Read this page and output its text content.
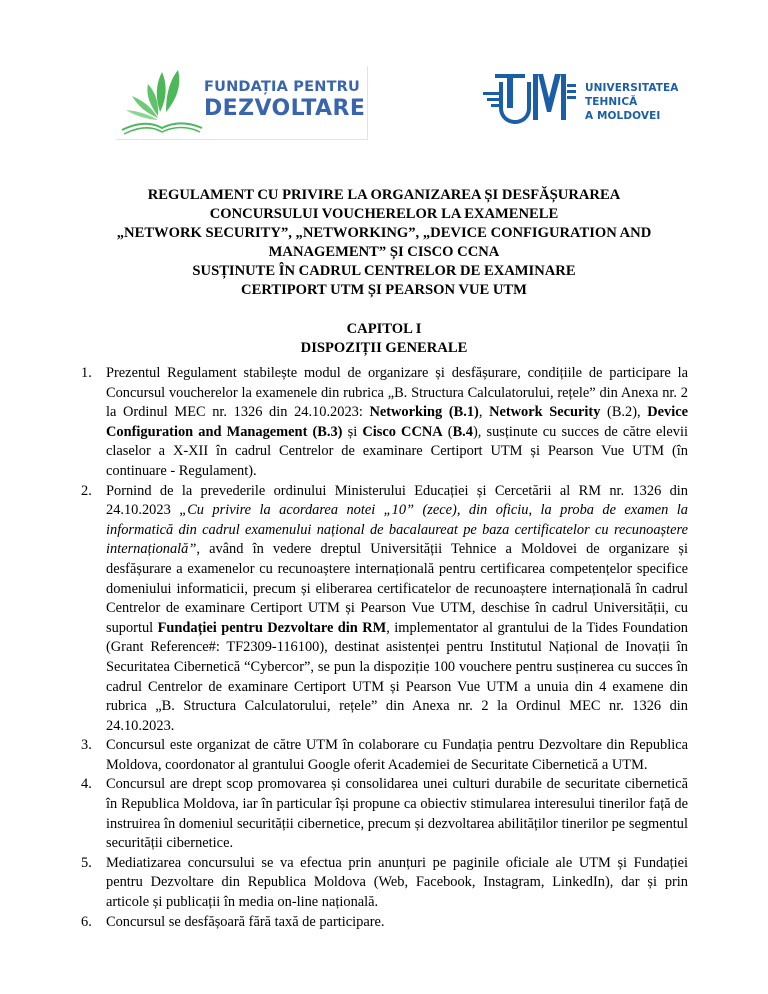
FUNDAȚIA PENTRU
DEZVOLTARE
UNIVERSITATEA TEHNICĂ
A MOLDOVEI
REGULAMENT CU PRIVIRE LA ORGANIZAREA ȘI DESFĂȘURAREA
CONCURSULUI VOUCHERELOR LA EXAMENELE
„NETWORK SECURITY”, „NETWORKING”, „DEVICE CONFIGURATION AND
MANAGEMENT” ȘI CISCO CCNA
SUSȚINUTE ÎN CADRUL CENTRELOR DE EXAMINARE
CERTIPORT UTM ȘI PEARSON VUE UTM
CAPITOL I
DISPOZIȚII GENERALE
1. Prezentul Regulament stabilește modul de organizare și desfășurare, condițiile de participare la Concursul voucherelor la examenele din rubrica „B. Structura Calculatorului, rețele” din Anexa nr. 2 la Ordinul MEC nr. 1326 din 24.10.2023: Networking (B.1), Network Security (B.2), Device Configuration and Management (B.3) și Cisco CCNA (B.4), susținute cu succes de către elevii claselor a X-XII în cadrul Centrelor de examinare Certiport UTM și Pearson Vue UTM (în continuare - Regulament).
2. Pornind de la prevederile ordinului Ministerului Educației și Cercetării al RM nr. 1326 din 24.10.2023 „Cu privire la acordarea notei „10” (zece), din oficiu, la proba de examen la informatică din cadrul examenului național de bacalaureat pe baza certificatelor cu recunoaștere internațională”, având în vedere dreptul Universității Tehnice a Moldovei de organizare și desfășurare a examenelor cu recunoaștere internațională pentru certificarea competențelor specifice domeniului informaticii, precum și eliberarea certificatelor de recunoaștere internațională în cadrul Centrelor de examinare Certiport UTM și Pearson Vue UTM, deschise în cadrul Universității, cu suportul Fundației pentru Dezvoltare din RM, implementator al grantului de la Tides Foundation (Grant Reference#: TF2309-116100), destinat asistenței pentru Institutul Național de Inovații în Securitatea Cibernetică “Cybercor”, se pun la dispoziție 100 vouchere pentru susținerea cu succes în cadrul Centrelor de examinare Certiport UTM și Pearson Vue UTM a unuia din 4 examene din rubrica „B. Structura Calculatorului, rețele” din Anexa nr. 2 la Ordinul MEC nr. 1326 din 24.10.2023.
3. Concursul este organizat de către UTM în colaborare cu Fundația pentru Dezvoltare din Republica Moldova, coordonator al grantului Google oferit Academiei de Securitate Cibernetică a UTM.
4. Concursul are drept scop promovarea și consolidarea unei culturi durabile de securitate cibernetică în Republica Moldova, iar în particular își propune ca obiectiv stimularea interesului tinerilor față de instruirea în domeniul securității cibernetice, precum și dezvoltarea abilităților tinerilor pe segmentul securității cibernetice.
5. Mediatizarea concursului se va efectua prin anunțuri pe paginile oficiale ale UTM și Fundației pentru Dezvoltare din Republica Moldova (Web, Facebook, Instagram, LinkedIn), dar și prin articole și publicații în media on-line națională.
6. Concursul se desfășoară fără taxă de participare.
